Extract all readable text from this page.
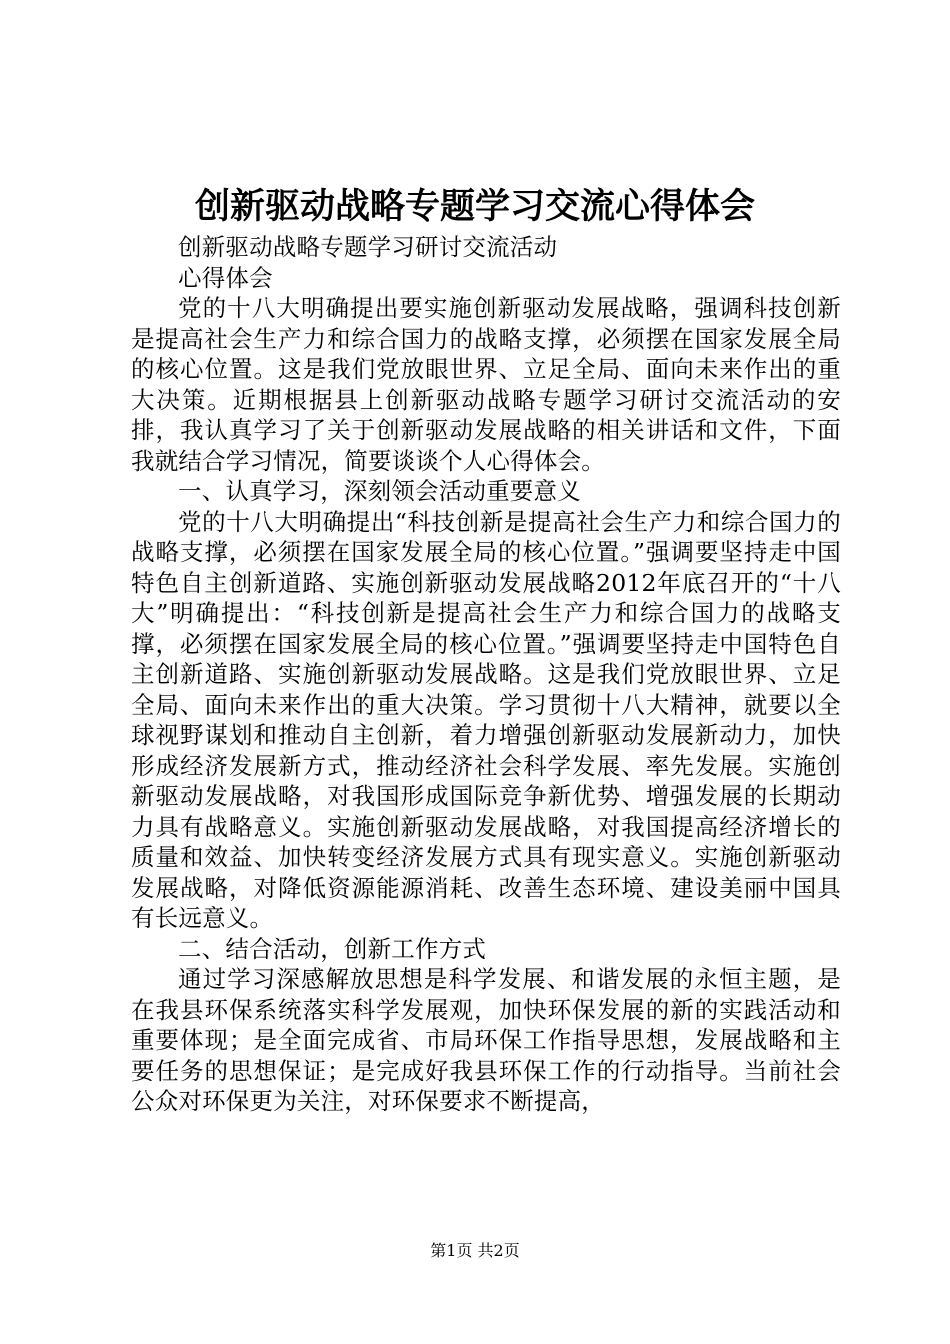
创新驱动战略专题学习交流心得体会

创新驱动战略专题学习研讨交流活动

心得体会

党的十八大明确提出要实施创新驱动发展战略，强调科技创新是提高社会生产力和综合国力的战略支撑，必须摆在国家发展全局的核心位置。这是我们党放眼世界、立足全局、面向未来作出的重大决策。近期根据县上创新驱动战略专题学习研讨交流活动的安排，我认真学习了关于创新驱动发展战略的相关讲话和文件，下面我就结合学习情况，简要谈谈个人心得体会。

一、认真学习，深刻领会活动重要意义

党的十八大明确提出“科技创新是提高社会生产力和综合国力的战略支撑，必须摆在国家发展全局的核心位置。”强调要坚持走中国特色自主创新道路、实施创新驱动发展战略2012年底召开的“十八大”明确提出：“科技创新是提高社会生产力和综合国力的战略支撑，必须摆在国家发展全局的核心位置。”强调要坚持走中国特色自主创新道路、实施创新驱动发展战略。这是我们党放眼世界、立足全局、面向未来作出的重大决策。学习贯彻十八大精神，就要以全球视野谋划和推动自主创新，着力增强创新驱动发展新动力，加快形成经济发展新方式，推动经济社会科学发展、率先发展。实施创新驱动发展战略，对我国形成国际竞争新优势、增强发展的长期动力具有战略意义。实施创新驱动发展战略，对我国提高经济增长的质量和效益、加快转变经济发展方式具有现实意义。实施创新驱动发展战略，对降低资源能源消耗、改善生态环境、建设美丽中国具有长远意义。

二、结合活动，创新工作方式

通过学习深感解放思想是科学发展、和谐发展的永恒主题，是在我县环保系统落实科学发展观，加快环保发展的新的实践活动和重要体现；是全面完成省、市局环保工作指导思想，发展战略和主要任务的思想保证；是完成好我县环保工作的行动指导。当前社会公众对环保更为关注，对环保要求不断提高，

第1页 共2页
